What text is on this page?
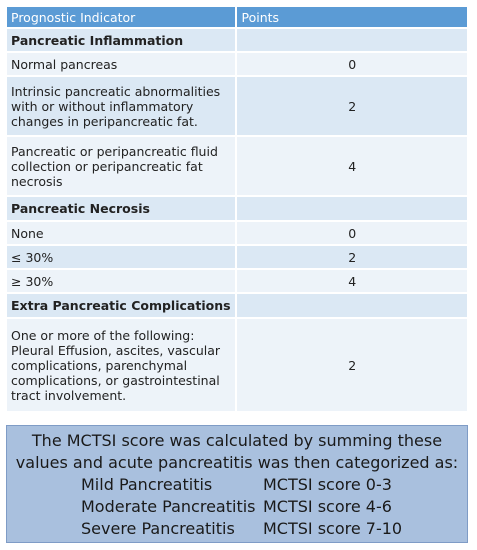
Prognostic Indicator	Points
Pancreatic Inflammation	
Normal pancreas	0
Intrinsic pancreatic abnormalities with or without inflammatory changes in peripancreatic fat.	2
Pancreatic or peripancreatic fluid collection or peripancreatic fat necrosis	4
Pancreatic Necrosis	
None	0
≤ 30%	2
≥ 30%	4
Extra Pancreatic Complications	
One or more of the following: Pleural Effusion, ascites, vascular complications, parenchymal complications, or gastrointestinal tract involvement.	2
The MCTSI score was calculated by summing these
values and acute pancreatitis was then categorized as:
Mild Pancreatitis	MCTSI score 0-3
Moderate Pancreatitis MCTSI score 4-6
Severe Pancreatitis MCTSI score 7-10
